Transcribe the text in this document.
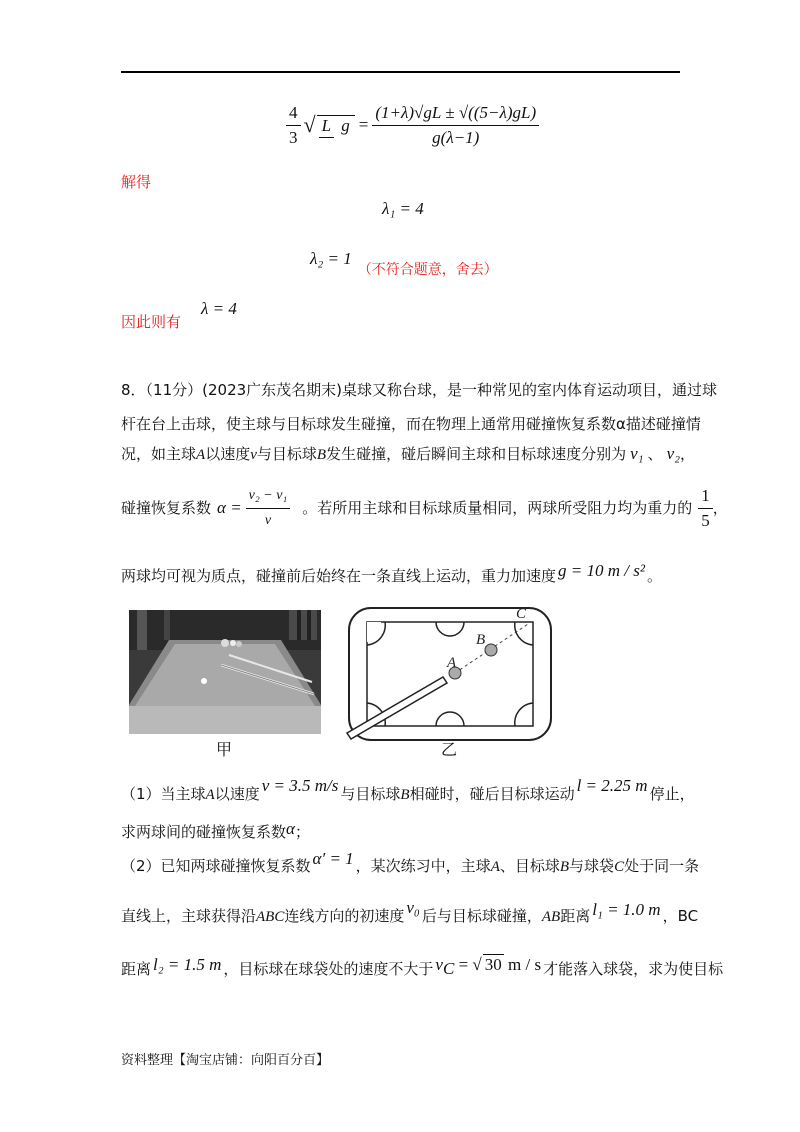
$\frac{4}{3}$ √ L $g = \frac{(1+\lambda)√gL \pm √((5-\lambda)gL)}{g(\lambda-1)}$
解得
λ₁ = 4
λ₂ = 1
（不符合题意，舍去）
因此则有
λ = 4
8．（11分）(2023广东茂名期末)桌球又称台球，是一种常见的室内体育运动项目，通过球
杆在台上击球，使主球与目标球发生碰撞，而在物理上通常用碰撞恢复系数α描述碰撞情
况，如主球A以速度v与目标球B发生碰撞，碰后瞬间主球和目标球速度分别为 v₁ 、 v₂，
碰撞恢复系数 $\alpha = \frac{\text{v₂ − v₁}}{v}$ 。若所用主球和目标球质量相同，两球所受阻力均为重力的 $\frac{1}{5}$ ，
两球均可视为质点，碰撞前后始终在一条直线上运动，重力加速度 g = 10 m / s² 。
A
B
C
甲	乙
（1）当主球A以速度 v = 3.5 m/s 与目标球B相碰时，碰后目标球运动 l = 2.25 m 停止，
求两球间的碰撞恢复系数α；
（2）已知两球碰撞恢复系数 α′ = 1 ，某次练习中，主球A、目标球B与球袋C处于同一条
直线上，主球获得沿ABC连线方向的初速度 v₀ 后与目标球碰撞，AB距离 l₁ = 1.0 m ，BC
距离 l₂ = 1.5 m ，目标球在球袋处的速度不大于 $v_C$ = √ 30 m / s 才能落入球袋，求为使目标
资料整理【淘宝店铺：向阳百分百】
